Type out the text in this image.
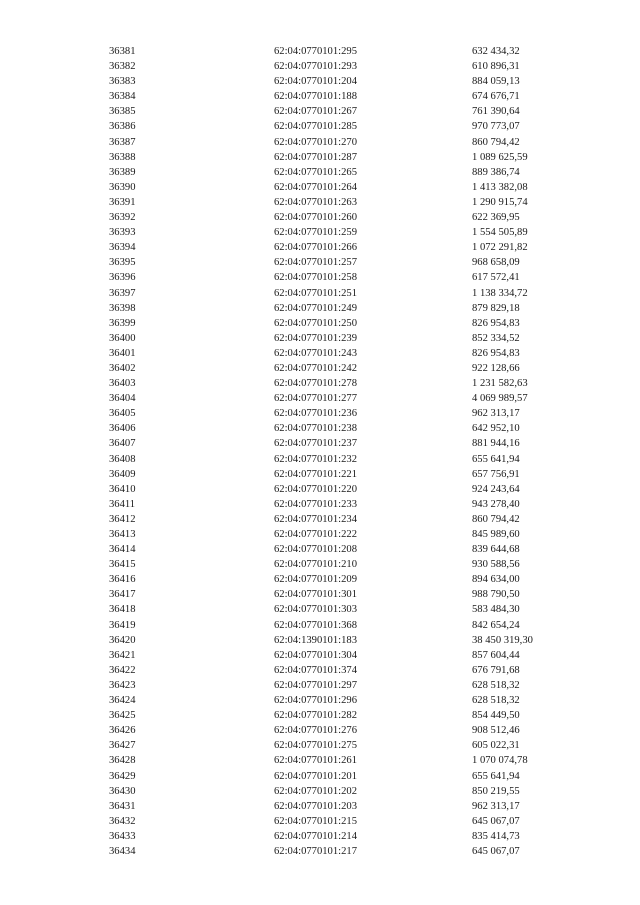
36381	62:04:0770101:295	632 434,32
36382	62:04:0770101:293	610 896,31
36383	62:04:0770101:204	884 059,13
36384	62:04:0770101:188	674 676,71
36385	62:04:0770101:267	761 390,64
36386	62:04:0770101:285	970 773,07
36387	62:04:0770101:270	860 794,42
36388	62:04:0770101:287	1 089 625,59
36389	62:04:0770101:265	889 386,74
36390	62:04:0770101:264	1 413 382,08
36391	62:04:0770101:263	1 290 915,74
36392	62:04:0770101:260	622 369,95
36393	62:04:0770101:259	1 554 505,89
36394	62:04:0770101:266	1 072 291,82
36395	62:04:0770101:257	968 658,09
36396	62:04:0770101:258	617 572,41
36397	62:04:0770101:251	1 138 334,72
36398	62:04:0770101:249	879 829,18
36399	62:04:0770101:250	826 954,83
36400	62:04:0770101:239	852 334,52
36401	62:04:0770101:243	826 954,83
36402	62:04:0770101:242	922 128,66
36403	62:04:0770101:278	1 231 582,63
36404	62:04:0770101:277	4 069 989,57
36405	62:04:0770101:236	962 313,17
36406	62:04:0770101:238	642 952,10
36407	62:04:0770101:237	881 944,16
36408	62:04:0770101:232	655 641,94
36409	62:04:0770101:221	657 756,91
36410	62:04:0770101:220	924 243,64
36411	62:04:0770101:233	943 278,40
36412	62:04:0770101:234	860 794,42
36413	62:04:0770101:222	845 989,60
36414	62:04:0770101:208	839 644,68
36415	62:04:0770101:210	930 588,56
36416	62:04:0770101:209	894 634,00
36417	62:04:0770101:301	988 790,50
36418	62:04:0770101:303	583 484,30
36419	62:04:0770101:368	842 654,24
36420	62:04:1390101:183	38 450 319,30
36421	62:04:0770101:304	857 604,44
36422	62:04:0770101:374	676 791,68
36423	62:04:0770101:297	628 518,32
36424	62:04:0770101:296	628 518,32
36425	62:04:0770101:282	854 449,50
36426	62:04:0770101:276	908 512,46
36427	62:04:0770101:275	605 022,31
36428	62:04:0770101:261	1 070 074,78
36429	62:04:0770101:201	655 641,94
36430	62:04:0770101:202	850 219,55
36431	62:04:0770101:203	962 313,17
36432	62:04:0770101:215	645 067,07
36433	62:04:0770101:214	835 414,73
36434	62:04:0770101:217	645 067,07
